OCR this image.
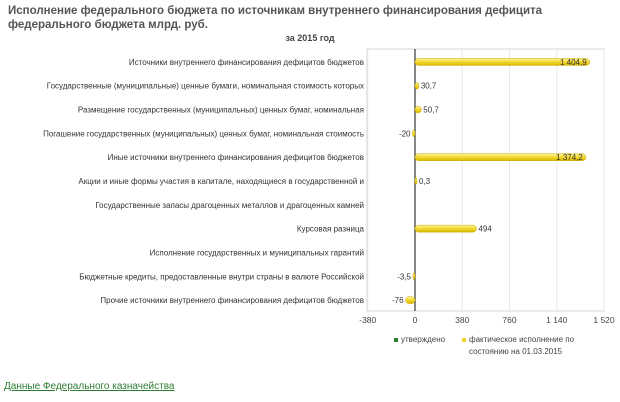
Исполнение федерального бюджета по источникам внутреннего финансирования дефицита федерального бюджета млрд. руб.
за 2015 год
Источники внутреннего финансирования дефицитов бюджетов
Государственные (муниципальные) ценные бумаги, номинальная стоимость которых
Размещение государственных (муниципальных) ценных бумаг, номинальная
Погашение государственных (муниципальных) ценных бумаг, номинальная стоимость
Иные источники внутреннего финансирования дефицитов бюджетов
Акции и иные формы участия в капитале, находящиеся в государственной и
Государственные запасы драгоценных металлов и драгоценных камней
Курсовая разница
Исполнение государственных и муниципальных гарантий
Бюджетные кредиты, предоставленные внутри страны в валюте Российской
Прочие источники внутреннего финансирования дефицитов бюджетов
1 404,9
30,7
50,7
-20
1 374,2
0,3
494
-3,5
-76
-380	0	380	760	1 140	1 520
утверждено	фактическое исполнение по
состоянию на 01.03.2015
Данные Федерального казначейства
